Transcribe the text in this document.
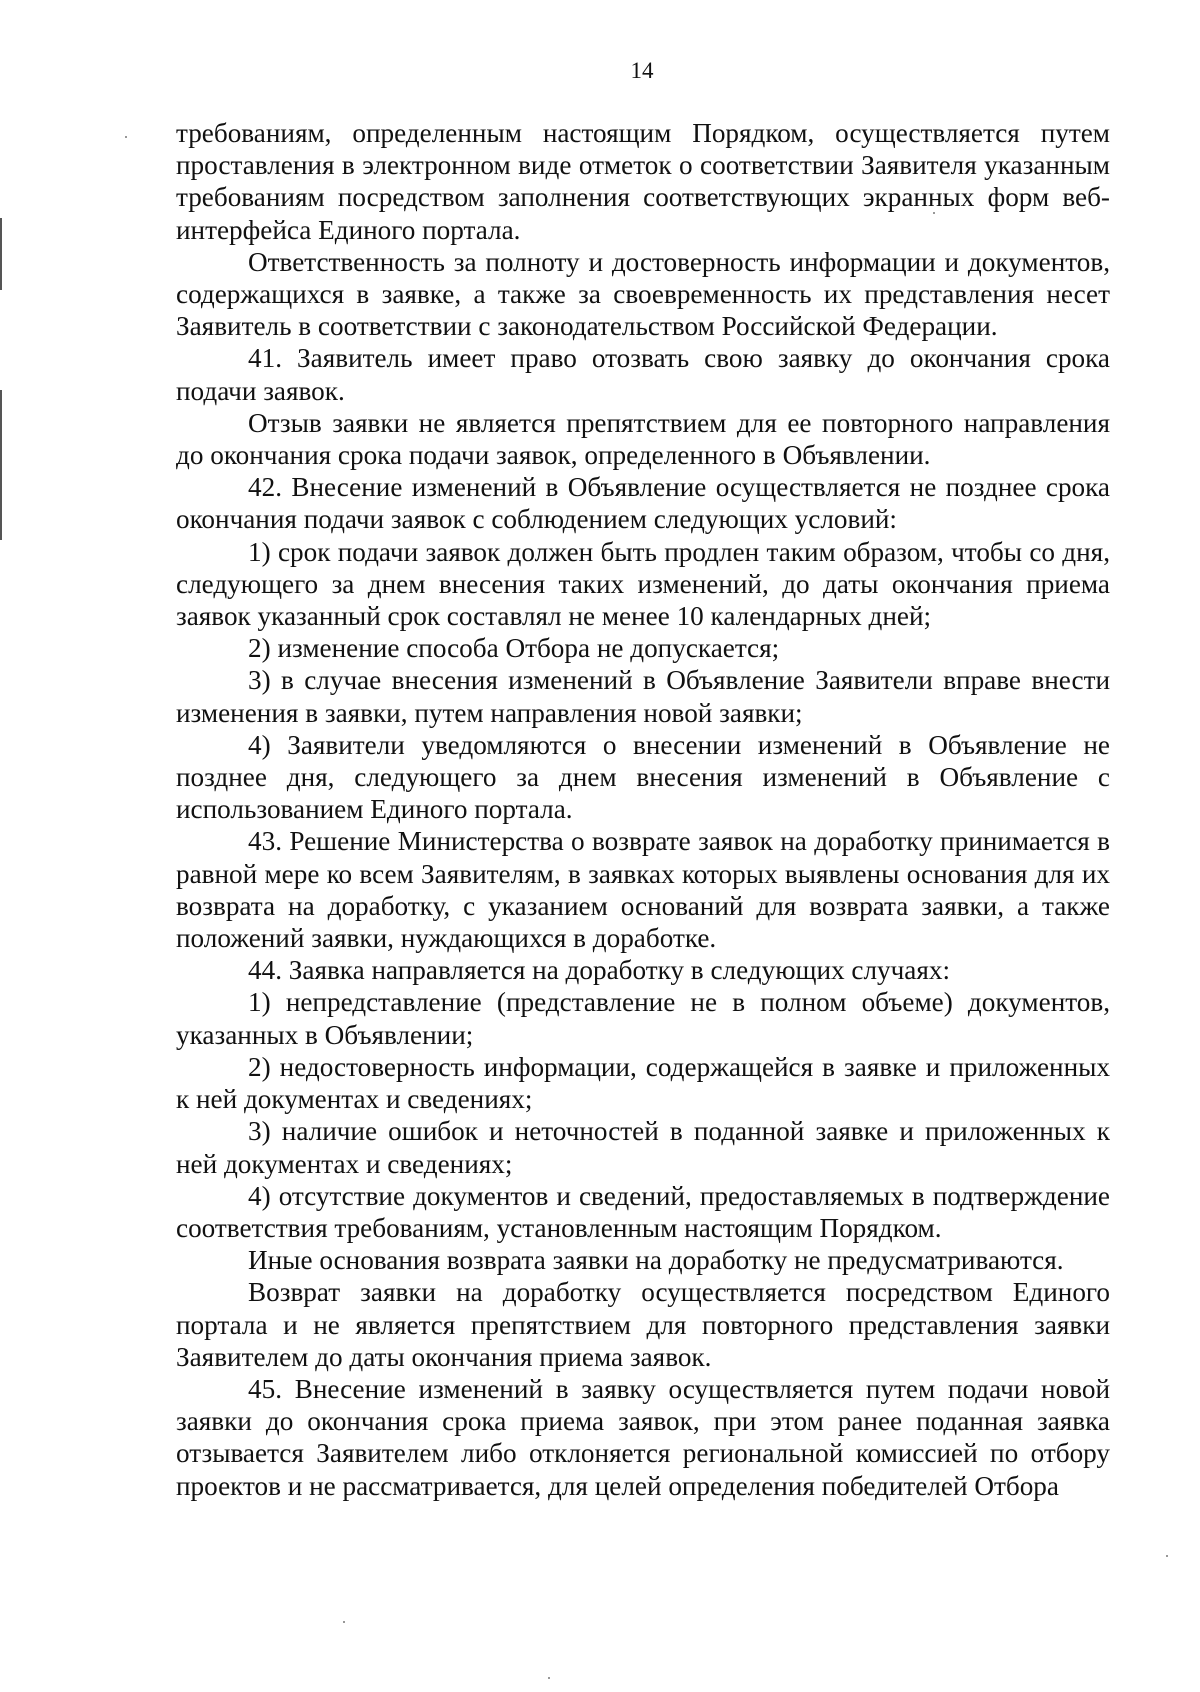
14

требованиям, определенным настоящим Порядком, осуществляется путем проставления в электронном виде отметок о соответствии Заявителя указанным требованиям посредством заполнения соответствующих экранных форм веб-интерфейса Единого портала.

Ответственность за полноту и достоверность информации и документов, содержащихся в заявке, а также за своевременность их представления несет Заявитель в соответствии с законодательством Российской Федерации.

41. Заявитель имеет право отозвать свою заявку до окончания срока подачи заявок.

Отзыв заявки не является препятствием для ее повторного направления до окончания срока подачи заявок, определенного в Объявлении.

42. Внесение изменений в Объявление осуществляется не позднее срока окончания подачи заявок с соблюдением следующих условий:

1) срок подачи заявок должен быть продлен таким образом, чтобы со дня, следующего за днем внесения таких изменений, до даты окончания приема заявок указанный срок составлял не менее 10 календарных дней;

2) изменение способа Отбора не допускается;

3) в случае внесения изменений в Объявление Заявители вправе внести изменения в заявки, путем направления новой заявки;

4) Заявители уведомляются о внесении изменений в Объявление не позднее дня, следующего за днем внесения изменений в Объявление с использованием Единого портала.

43. Решение Министерства о возврате заявок на доработку принимается в равной мере ко всем Заявителям, в заявках которых выявлены основания для их возврата на доработку, с указанием оснований для возврата заявки, а также положений заявки, нуждающихся в доработке.

44. Заявка направляется на доработку в следующих случаях:

1) непредставление (представление не в полном объеме) документов, указанных в Объявлении;

2) недостоверность информации, содержащейся в заявке и приложенных к ней документах и сведениях;

3) наличие ошибок и неточностей в поданной заявке и приложенных к ней документах и сведениях;

4) отсутствие документов и сведений, предоставляемых в подтверждение соответствия требованиям, установленным настоящим Порядком.

Иные основания возврата заявки на доработку не предусматриваются.

Возврат заявки на доработку осуществляется посредством Единого портала и не является препятствием для повторного представления заявки Заявителем до даты окончания приема заявок.

45. Внесение изменений в заявку осуществляется путем подачи новой заявки до окончания срока приема заявок, при этом ранее поданная заявка отзывается Заявителем либо отклоняется региональной комиссией по отбору проектов и не рассматривается, для целей определения победителей Отбора
